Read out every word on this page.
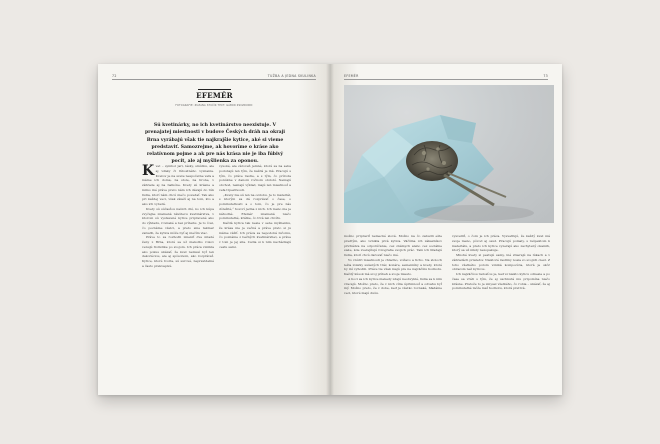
72	TUŽBA A JEDNA SKULINKA
EFEMÉR
FOTOGRAFIE: ZUZANA STUČÍK TEXT: GÁBOR ZSIGMONDI
Sú kvetinárky, no ich kvetinárstvo neexistuje. V prenajatej miestnosti v budove Českých dráh na okraji Brna vyrábajú však tie najkrajšie kytice, aké si vieme predstaviť. Samozrejme, ak hovoríme o kráse ako relatívnom pojme a ak pre nás krása nie je iba ľúbivý pocit, ale aj myšlienka za oponou.

K vet – symbol jari, lásky, smútku, ale aj vďaky či ľúbostného vyznania. Kvetov je na svete nespočetne veľa a máme ich doma, na stole, na hrobe, v záhrade aj na balkóne. Kvety sú krásne a mimo iné práve preto nám ich dávajú do rúk ľudia, ktorí nám chcú niečo povedať. Tak ako pri každej veci, však záleží aj na tom, kto a ako ich vyberá.

Kvety sú súčasťou našich dní, no ich kúpa zvyčajne znamená návštevu kvetinárstva, v ktorom sú vystavené kytice pripravené ako do výkladu, rovnaké a bez príbehu. Je to čosi, čo poznáme všetci, a preto sme takmer zabudli, že kytica môže byť aj niečím viac.

Práve to sa rozhodli zmeniť dve mladé ženy z Brna, ktoré sa už niekoľko rokov venujú floristike po svojom. Ich práca vznikla ako pokus ukázať, že kvet nemusí byť len dekoráciou, ale aj spôsobom, ako rozprávať. Kytice, ktoré tvoria, sú surové, nepravidelné a často prekvapivé.

vysoké, ale zároveň jemné, ktoré sa na seba podobajú len tým, že každá je iná. Pracujú s tým, čo práve rastie, a s tým, čo príroda ponúkne v danom ročnom období. Nemajú obchod, nemajú výklad, majú len miestnosť a veľa trpezlivosti.

„Kvety nie sú len na ozdobu. Je to materiál, s ktorým sa dá rozprávať o čase, o pominuteľnosti a o tom, čo je pre nás dôležité,“ hovorí jedna z nich. Ich meno nie je náhodné. Efemér znamená niečo pominuteľné, krátke, čo trvá len chvíľu.

Každá kytica tak nesie v sebe myšlienku, že krása nie je večná a práve preto si ju máme vážiť. Ich práca sa nepodobá ničomu, čo poznáme z bežných kvetinárstiev, a práve v tom je jej sila. Ľudia si k nim nachádzajú cestu sami.

EFEMÉR	73

možno pripraviť nemecké slová. Možno na čo zabudli ešte predtým, ako vznikla prvá kytica. Väčšina ich zákazníkov prichádza na odporúčanie, cez známych alebo cez sociálne siete, kde zverejňujú fotografie svojich prác. Tam ich hľadajú ľudia, ktorí chcú darovať niečo iné.

Vo vnútri miestnosti je chladno, voňavo a ticho. Na stoloch ležia zväzky sušených tráv, konáre, semenníky a kvety, ktoré by iní vyhodili. Práve tie však majú pre ne najväčšiu hodnotu. Každý kúsok má svoj príbeh a svoje miesto.

A hoci sa ich kytice niekedy zdajú neobvyklé, ľudia sa k nim vracajú. Možno preto, že v nich cítia úprimnosť a odvahu byť iný. Možno preto, že v dobe, keď je všetko rovnaké, hľadáme veci, ktoré majú dušu.

vysvetliť, o čom je ich práca. Vysvetľujú, že každý kvet má svoje meno, pôvod aj osud. Pracujú pomaly, s rešpektom k materiálu, a preto ich kytice vyzerajú ako zachytený okamih, ktorý sa už nikdy nezopakuje.

Mnohé kvety si pestujú samy, iné zbierajú na lúkach a v záhradách priateľov. Niektoré rastliny nosia zo svojich ciest. Z toho všetkého potom vzniká kompozícia, ktorá je skôr obrazom než kyticou.

Ich najväčšou radosťou je, keď si niekto kyticu odnesie a po čase sa vráti s tým, že aj uschnutá mu pripomína niečo krásne. Pretože to je zmysel všetkého, čo robia – ukázať, že aj pominuteľné môže mať hodnotu, ktorá pretrvá.
